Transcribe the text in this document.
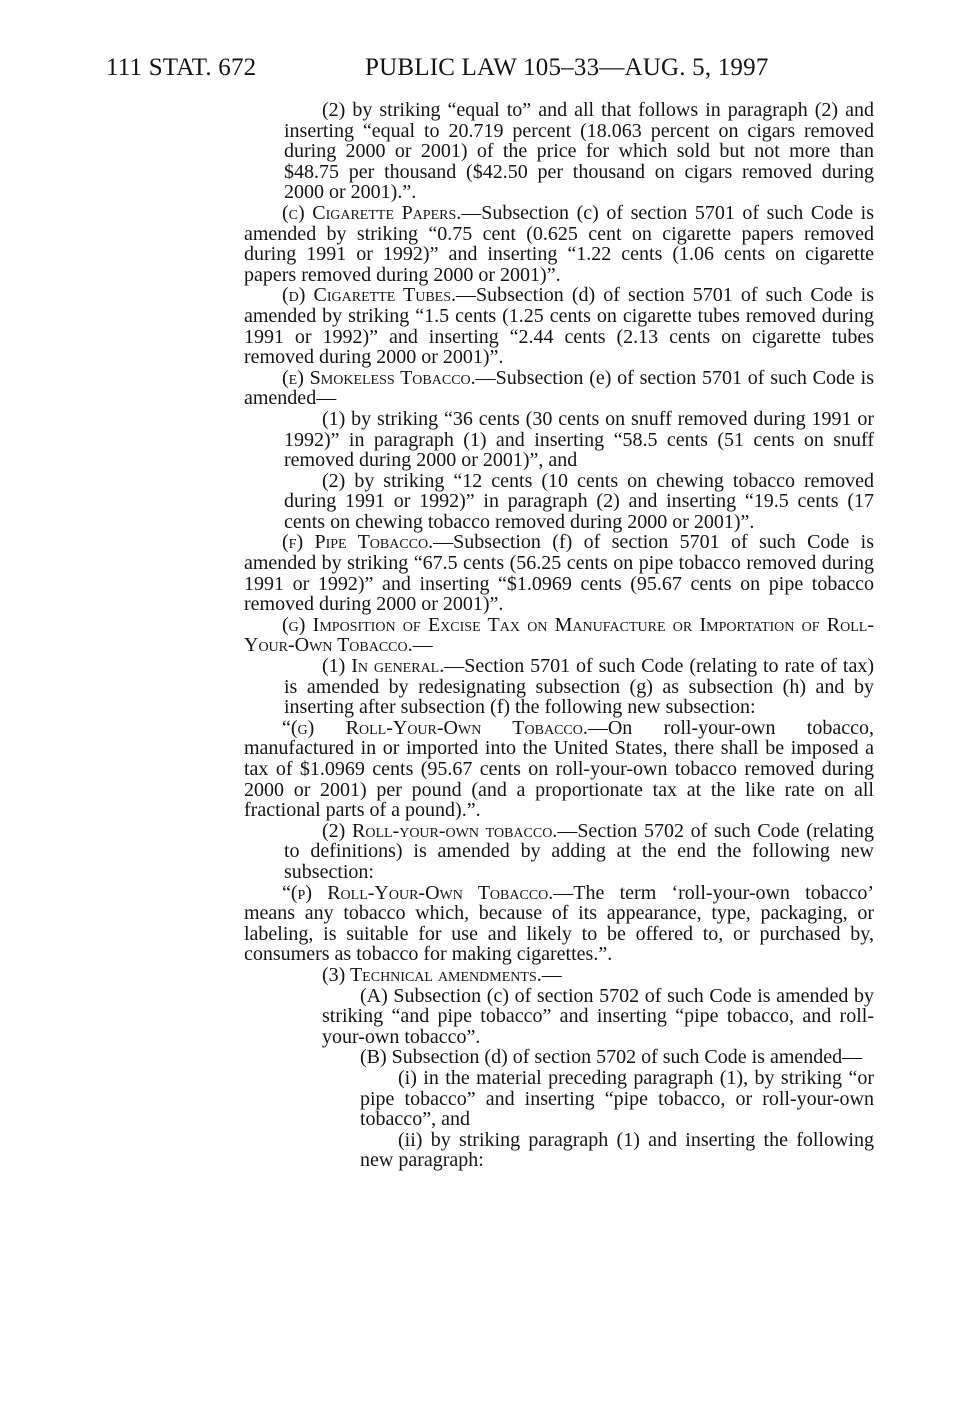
111 STAT. 672	PUBLIC LAW 105–33—AUG. 5, 1997

(2) by striking “equal to” and all that follows in paragraph (2) and inserting “equal to 20.719 percent (18.063 percent on cigars removed during 2000 or 2001) of the price for which sold but not more than $48.75 per thousand ($42.50 per thousand on cigars removed during 2000 or 2001).”.

(c) Cigarette Papers.—Subsection (c) of section 5701 of such Code is amended by striking “0.75 cent (0.625 cent on cigarette papers removed during 1991 or 1992)” and inserting “1.22 cents (1.06 cents on cigarette papers removed during 2000 or 2001)”.

(d) Cigarette Tubes.—Subsection (d) of section 5701 of such Code is amended by striking “1.5 cents (1.25 cents on cigarette tubes removed during 1991 or 1992)” and inserting “2.44 cents (2.13 cents on cigarette tubes removed during 2000 or 2001)”.

(e) Smokeless Tobacco.—Subsection (e) of section 5701 of such Code is amended—

(1) by striking “36 cents (30 cents on snuff removed during 1991 or 1992)” in paragraph (1) and inserting “58.5 cents (51 cents on snuff removed during 2000 or 2001)”, and

(2) by striking “12 cents (10 cents on chewing tobacco removed during 1991 or 1992)” in paragraph (2) and inserting “19.5 cents (17 cents on chewing tobacco removed during 2000 or 2001)”.

(f) Pipe Tobacco.—Subsection (f) of section 5701 of such Code is amended by striking “67.5 cents (56.25 cents on pipe tobacco removed during 1991 or 1992)” and inserting “$1.0969 cents (95.67 cents on pipe tobacco removed during 2000 or 2001)”.

(g) Imposition of Excise Tax on Manufacture or Importation of Roll-Your-Own Tobacco.—

(1) In general.—Section 5701 of such Code (relating to rate of tax) is amended by redesignating subsection (g) as subsection (h) and by inserting after subsection (f) the following new subsection:

“(g) Roll-Your-Own Tobacco.—On roll-your-own tobacco, manufactured in or imported into the United States, there shall be imposed a tax of $1.0969 cents (95.67 cents on roll-your-own tobacco removed during 2000 or 2001) per pound (and a proportionate tax at the like rate on all fractional parts of a pound).”.

(2) Roll-your-own tobacco.—Section 5702 of such Code (relating to definitions) is amended by adding at the end the following new subsection:

“(p) Roll-Your-Own Tobacco.—The term ‘roll-your-own tobacco’ means any tobacco which, because of its appearance, type, packaging, or labeling, is suitable for use and likely to be offered to, or purchased by, consumers as tobacco for making cigarettes.”.

(3) Technical amendments.—

(A) Subsection (c) of section 5702 of such Code is amended by striking “and pipe tobacco” and inserting “pipe tobacco, and roll-your-own tobacco”.

(B) Subsection (d) of section 5702 of such Code is amended—

(i) in the material preceding paragraph (1), by striking “or pipe tobacco” and inserting “pipe tobacco, or roll-your-own tobacco”, and

(ii) by striking paragraph (1) and inserting the following new paragraph:
